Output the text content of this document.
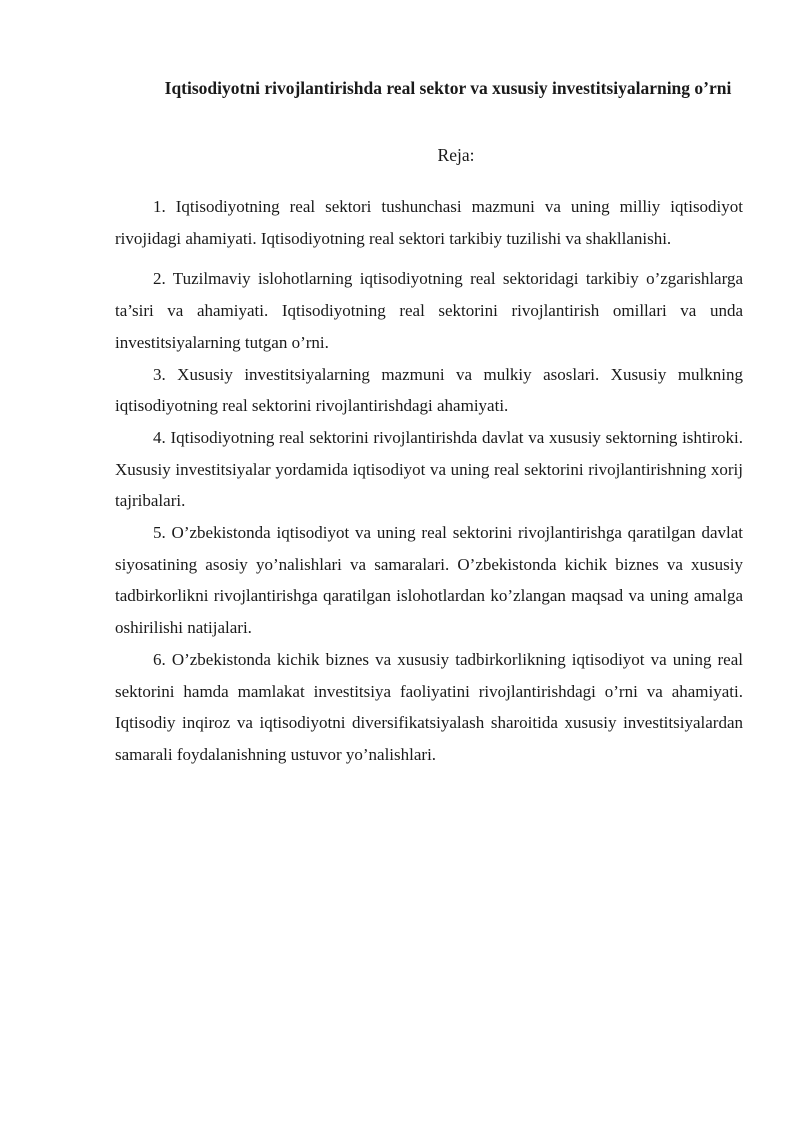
Iqtisodiyotni rivojlantirishda real sektor va xususiy investitsiyalarning o’rni
Reja:

1. Iqtisodiyotning real sektori tushunchasi mazmuni va uning milliy iqtisodiyot rivojidagi ahamiyati. Iqtisodiyotning real sektori tarkibiy tuzilishi va shakllanishi.

2. Tuzilmaviy islohotlarning iqtisodiyotning real sektoridagi tarkibiy o’zgarishlarga ta’siri va ahamiyati. Iqtisodiyotning real sektorini rivojlantirish omillari va unda investitsiyalarning tutgan o’rni.

3. Xususiy investitsiyalarning mazmuni va mulkiy asoslari. Xususiy mulkning iqtisodiyotning real sektorini rivojlantirishdagi ahamiyati.

4. Iqtisodiyotning real sektorini rivojlantirishda davlat va xususiy sektorning ishtiroki. Xususiy investitsiyalar yordamida iqtisodiyot va uning real sektorini rivojlantirishning xorij tajribalari.

5. O’zbekistonda iqtisodiyot va uning real sektorini rivojlantirishga qaratilgan davlat siyosatining asosiy yo’nalishlari va samaralari. O’zbekistonda kichik biznes va xususiy tadbirkorlikni rivojlantirishga qaratilgan islohotlardan ko’zlangan maqsad va uning amalga oshirilishi natijalari.

6. O’zbekistonda kichik biznes va xususiy tadbirkorlikning iqtisodiyot va uning real sektorini hamda mamlakat investitsiya faoliyatini rivojlantirishdagi o’rni va ahamiyati. Iqtisodiy inqiroz va iqtisodiyotni diversifikatsiyalash sharoitida xususiy investitsiyalardan samarali foydalanishning ustuvor yo’nalishlari.
